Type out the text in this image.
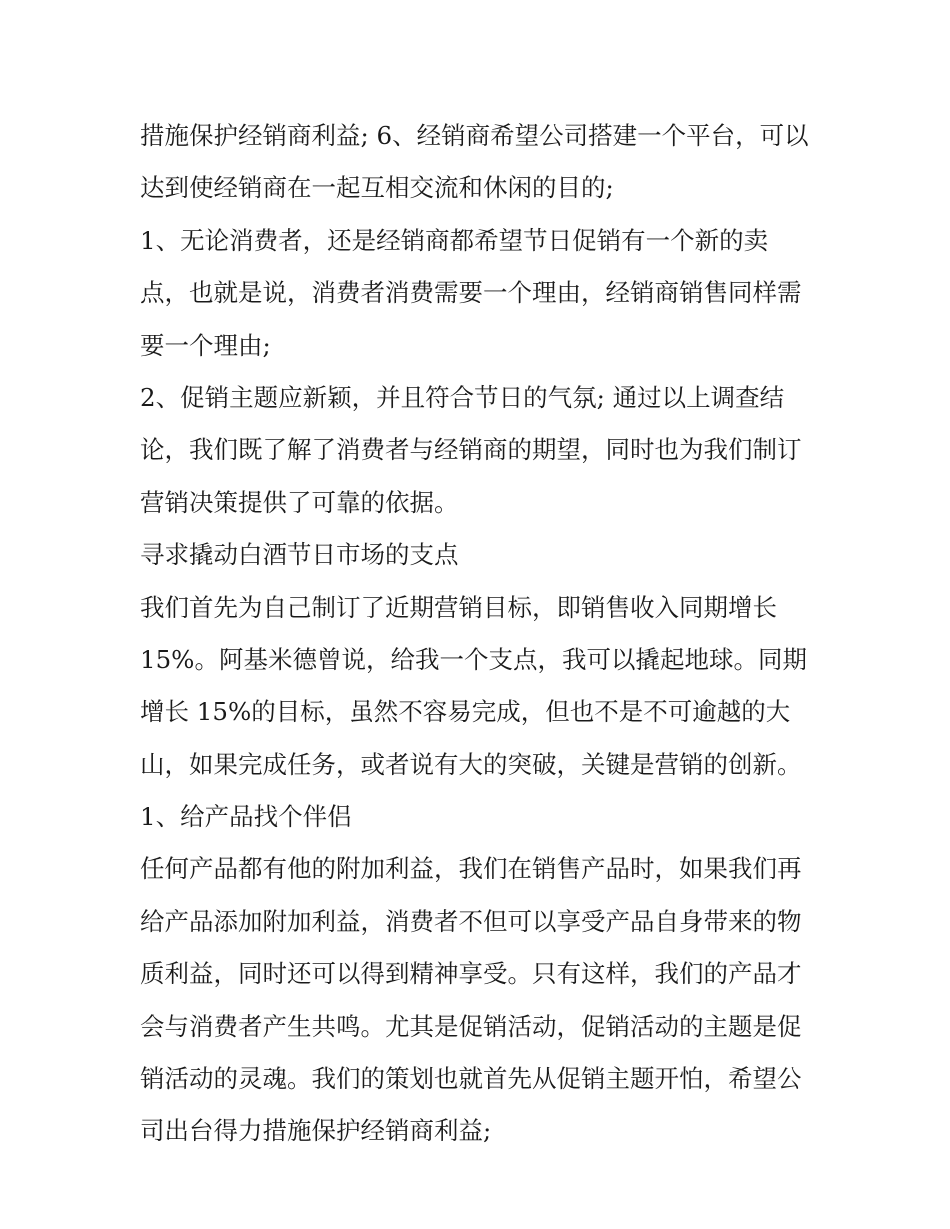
措施保护经销商利益; 6、经销商希望公司搭建一个平台，可以
达到使经销商在一起互相交流和休闲的目的;
1、无论消费者，还是经销商都希望节日促销有一个新的卖
点，也就是说，消费者消费需要一个理由，经销商销售同样需
要一个理由;
2、促销主题应新颖，并且符合节日的气氛; 通过以上调查结
论，我们既了解了消费者与经销商的期望，同时也为我们制订
营销决策提供了可靠的依据。
寻求撬动白酒节日市场的支点
我们首先为自己制订了近期营销目标，即销售收入同期增长
15%。阿基米德曾说，给我一个支点，我可以撬起地球。同期
增长 15%的目标，虽然不容易完成，但也不是不可逾越的大
山，如果完成任务，或者说有大的突破，关键是营销的创新。
1、给产品找个伴侣
任何产品都有他的附加利益，我们在销售产品时，如果我们再
给产品添加附加利益，消费者不但可以享受产品自身带来的物
质利益，同时还可以得到精神享受。只有这样，我们的产品才
会与消费者产生共鸣。尤其是促销活动，促销活动的主题是促
销活动的灵魂。我们的策划也就首先从促销主题开怕，希望公
司出台得力措施保护经销商利益;
